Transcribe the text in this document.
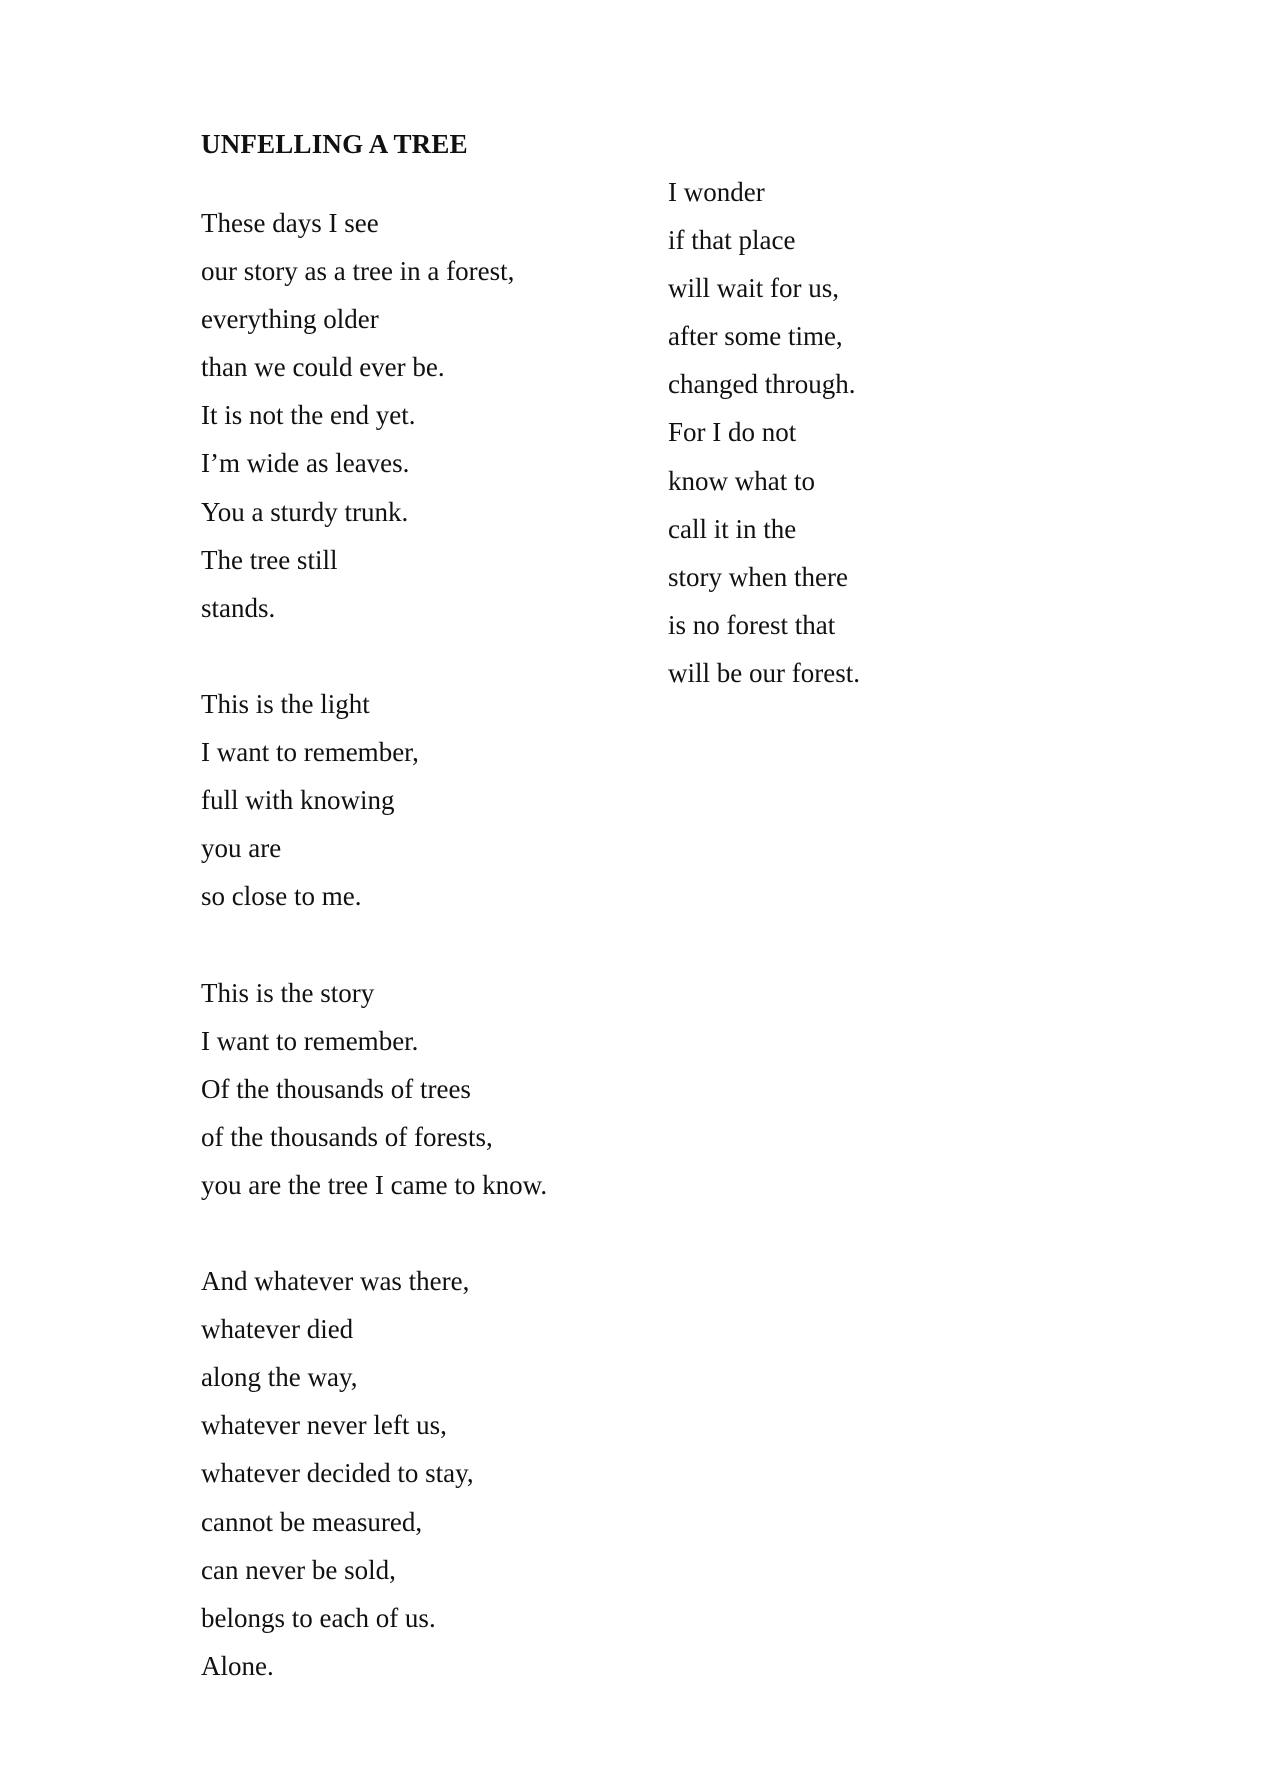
UNFELLING A TREE
These days I see
our story as a tree in a forest,
everything older
than we could ever be.
It is not the end yet.
I’m wide as leaves.
You a sturdy trunk.
The tree still
stands.
This is the light
I want to remember,
full with knowing
you are
so close to me.
This is the story
I want to remember.
Of the thousands of trees
of the thousands of forests,
you are the tree I came to know.
And whatever was there,
whatever died
along the way,
whatever never left us,
whatever decided to stay,
cannot be measured,
can never be sold,
belongs to each of us.
Alone.
I wonder
if that place
will wait for us,
after some time,
changed through.
For I do not
know what to
call it in the
story when there
is no forest that
will be our forest.
